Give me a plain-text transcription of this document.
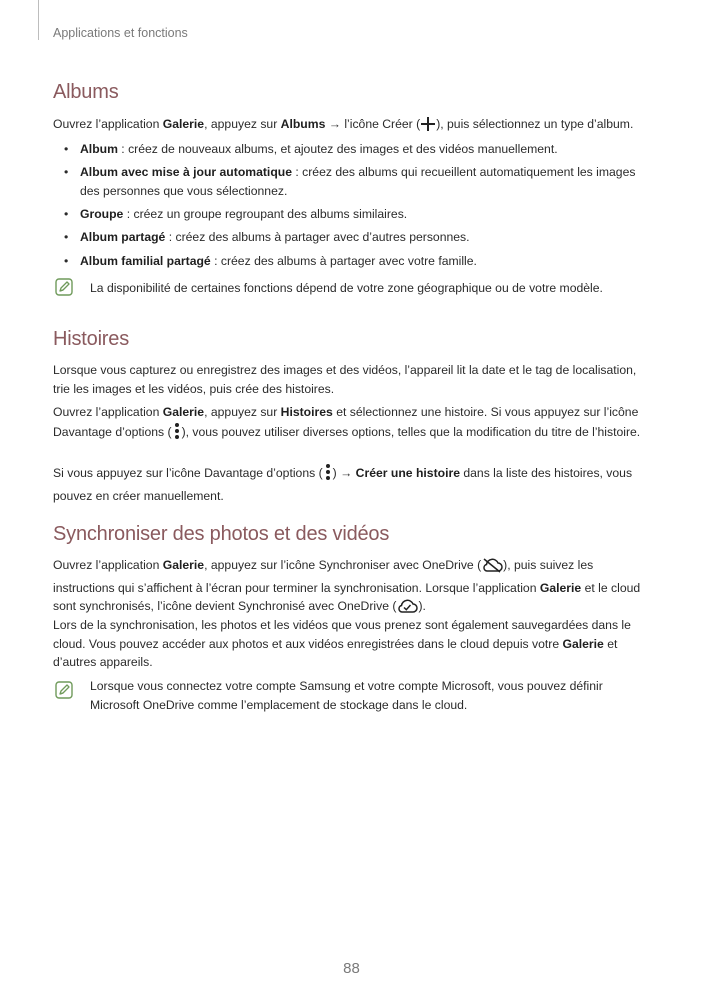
Applications et fonctions
Albums
Ouvrez l’application Galerie, appuyez sur Albums → l’icône Créer ( ), puis sélectionnez un type d’album.
• Album : créez de nouveaux albums, et ajoutez des images et des vidéos manuellement.
• Album avec mise à jour automatique : créez des albums qui recueillent automatiquement les images des personnes que vous sélectionnez.
• Groupe : créez un groupe regroupant des albums similaires.
• Album partagé : créez des albums à partager avec d’autres personnes.
• Album familial partagé : créez des albums à partager avec votre famille.
La disponibilité de certaines fonctions dépend de votre zone géographique ou de votre modèle.
Histoires
Lorsque vous capturez ou enregistrez des images et des vidéos, l’appareil lit la date et le tag de localisation, trie les images et les vidéos, puis crée des histoires.
Ouvrez l’application Galerie, appuyez sur Histoires et sélectionnez une histoire. Si vous appuyez sur l’icône Davantage d’options ( ), vous pouvez utiliser diverses options, telles que la modification du titre de l’histoire.
Si vous appuyez sur l’icône Davantage d’options ( ) → Créer une histoire dans la liste des histoires, vous pouvez en créer manuellement.
Synchroniser des photos et des vidéos
Ouvrez l’application Galerie, appuyez sur l’icône Synchroniser avec OneDrive ( ), puis suivez les instructions qui s’affichent à l’écran pour terminer la synchronisation. Lorsque l’application Galerie et le cloud sont synchronisés, l’icône devient Synchronisé avec OneDrive ( ).
Lors de la synchronisation, les photos et les vidéos que vous prenez sont également sauvegardées dans le cloud. Vous pouvez accéder aux photos et aux vidéos enregistrées dans le cloud depuis votre Galerie et d’autres appareils.
Lorsque vous connectez votre compte Samsung et votre compte Microsoft, vous pouvez définir Microsoft OneDrive comme l’emplacement de stockage dans le cloud.
88
